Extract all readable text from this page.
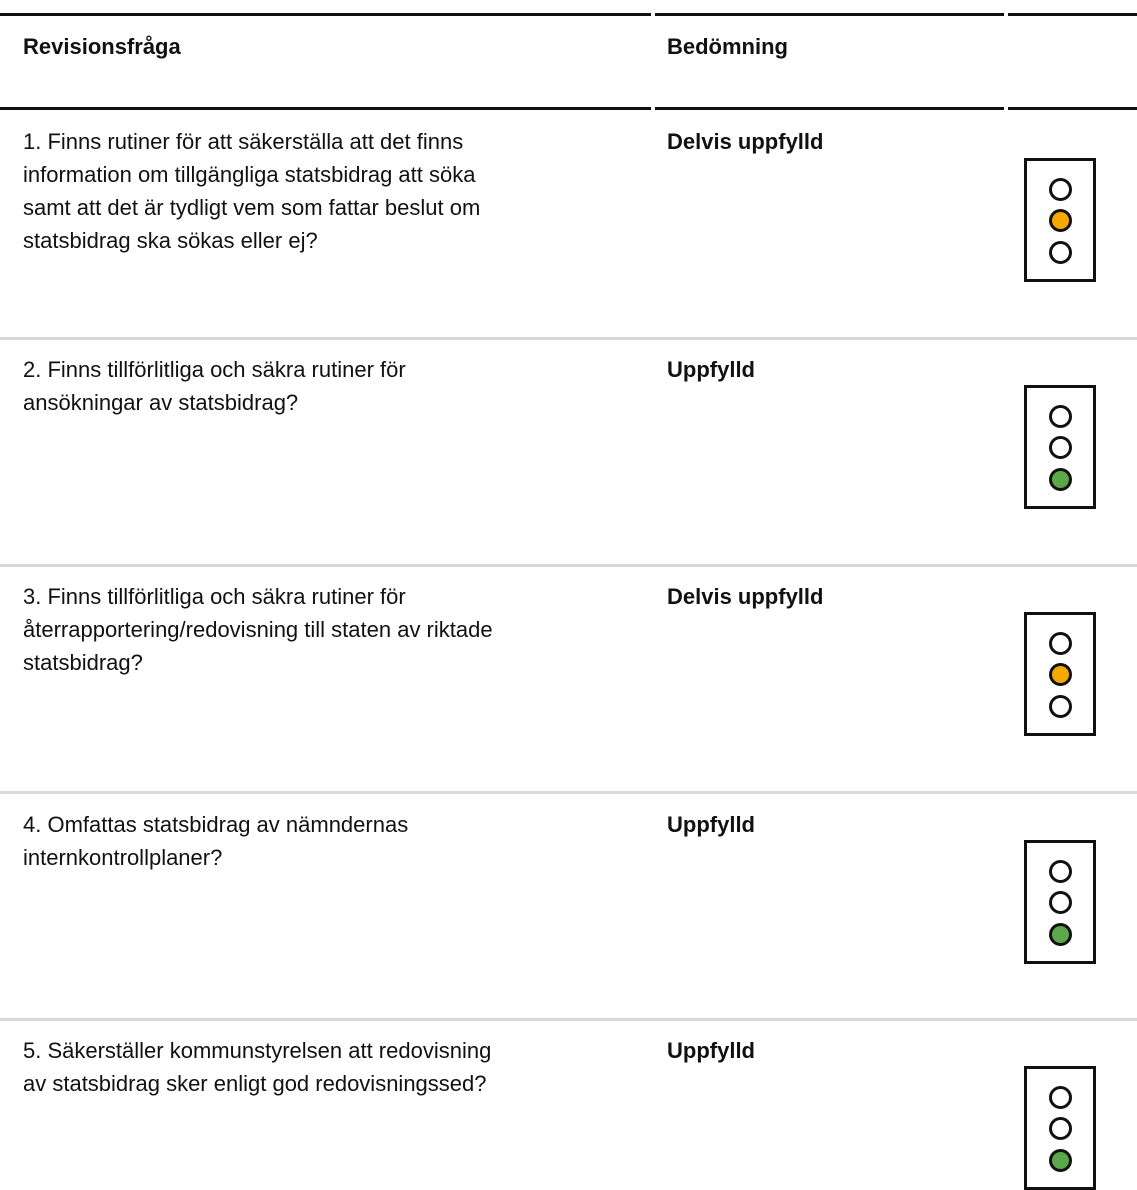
Revisionsfråga	Bedömning
1. Finns rutiner för att säkerställa att det finns
information om tillgängliga statsbidrag att söka
samt att det är tydligt vem som fattar beslut om
statsbidrag ska sökas eller ej?
Delvis uppfylld
2. Finns tillförlitliga och säkra rutiner för
ansökningar av statsbidrag?
Uppfylld
3. Finns tillförlitliga och säkra rutiner för
återrapportering/redovisning till staten av riktade
statsbidrag?
Delvis uppfylld
4. Omfattas statsbidrag av nämndernas
internkontrollplaner?
Uppfylld
5. Säkerställer kommunstyrelsen att redovisning
av statsbidrag sker enligt god redovisningssed?
Uppfylld
